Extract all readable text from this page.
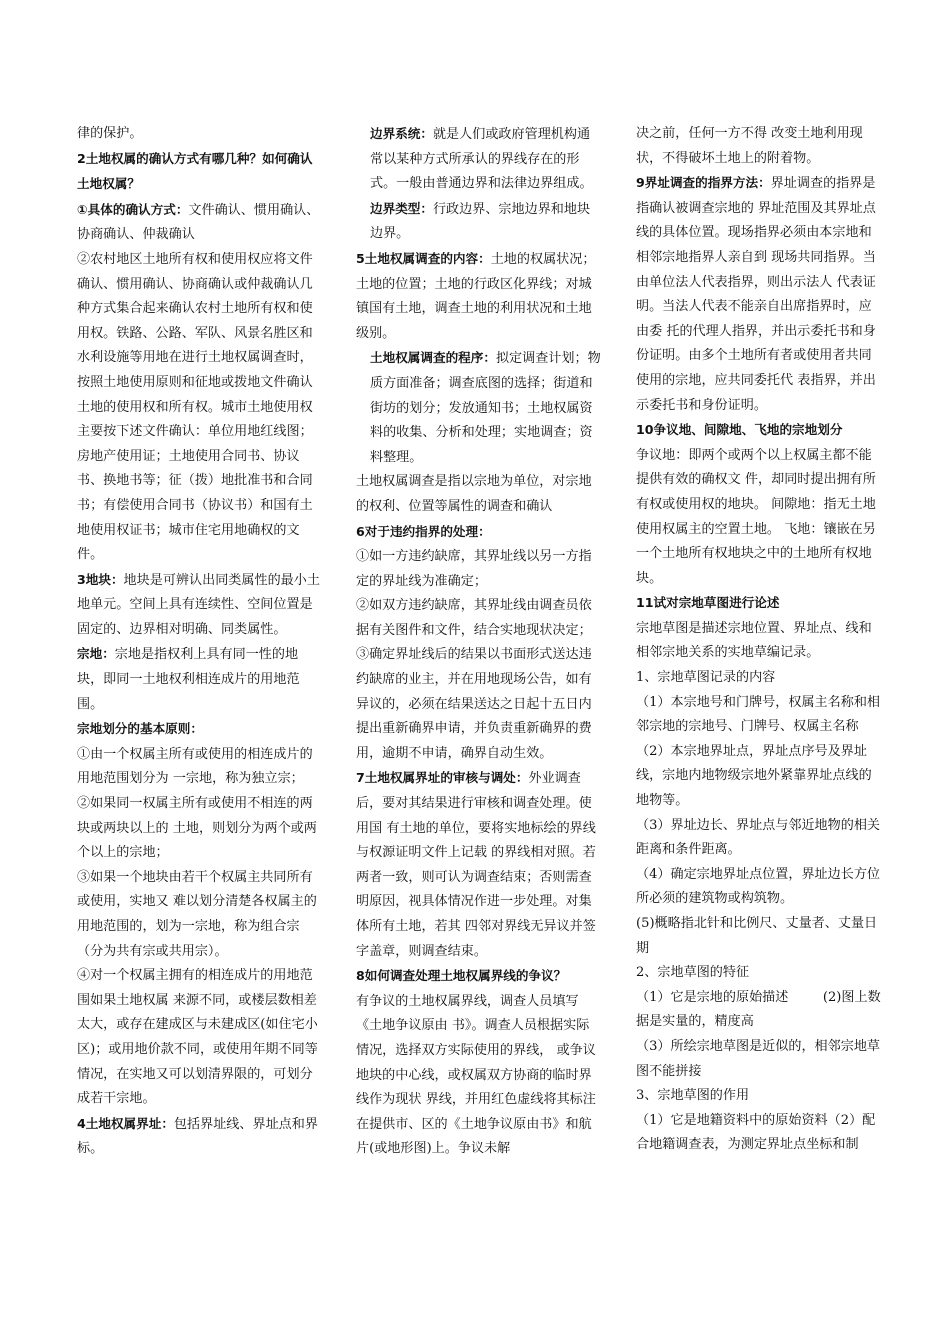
律的保护。

2土地权属的确认方式有哪几种？如何确认土地权属？

①具体的确认方式：文件确认、惯用确认、协商确认、仲裁确认

②农村地区土地所有权和使用权应将文件确认、惯用确认、协商确认或仲裁确认几种方式集合起来确认农村土地所有权和使用权。铁路、公路、军队、风景名胜区和水利设施等用地在进行土地权属调查时，按照土地使用原则和征地或拨地文件确认土地的使用权和所有权。城市土地使用权主要按下述文件确认：单位用地红线图；房地产使用证；土地使用合同书、协议书、换地书等；征（拨）地批准书和合同书；有偿使用合同书（协议书）和国有土地使用权证书；城市住宅用地确权的文件。

3地块：地块是可辨认出同类属性的最小土地单元。空间上具有连续性、空间位置是固定的、边界相对明确、同类属性。

宗地：宗地是指权利上具有同一性的地块，即同一土地权利相连成片的用地范围。

宗地划分的基本原则：

①由一个权属主所有或使用的相连成片的用地范围划分为 一宗地，称为独立宗；

②如果同一权属主所有或使用不相连的两块或两块以上的 土地，则划分为两个或两个以上的宗地；

③如果一个地块由若干个权属主共同所有或使用，实地又 难以划分清楚各权属主的用地范围的，划为一宗地，称为组合宗（分为共有宗或共用宗）。

④对一个权属主拥有的相连成片的用地范围如果土地权属 来源不同，或楼层数相差太大，或存在建成区与未建成区(如住宅小区)；或用地价款不同，或使用年期不同等情况，在实地又可以划清界限的，可划分成若干宗地。

4土地权属界址：包括界址线、界址点和界标。

边界系统：就是人们或政府管理机构通常以某种方式所承认的界线存在的形式。一般由普通边界和法律边界组成。

边界类型：行政边界、宗地边界和地块边界。

5土地权属调查的内容：土地的权属状况；土地的位置；土地的行政区化界线；对城镇国有土地，调查土地的利用状况和土地级别。

土地权属调查的程序：拟定调查计划；物质方面准备；调查底图的选择；街道和街坊的划分；发放通知书；土地权属资料的收集、分析和处理；实地调查；资料整理。

土地权属调查是指以宗地为单位，对宗地的权利、位置等属性的调查和确认

6对于违约指界的处理：

①如一方违约缺席，其界址线以另一方指定的界址线为准确定；

②如双方违约缺席，其界址线由调查员依据有关图件和文件，结合实地现状决定；

③确定界址线后的结果以书面形式送达违约缺席的业主，并在用地现场公告，如有异议的，必须在结果送达之日起十五日内提出重新确界申请，并负责重新确界的费用，逾期不申请，确界自动生效。

7土地权属界址的审核与调处：外业调查后，要对其结果进行审核和调查处理。使用国 有土地的单位，要将实地标绘的界线与权源证明文件上记载 的界线相对照。若两者一致，则可认为调查结束；否则需查 明原因，视具体情况作进一步处理。对集体所有土地，若其 四邻对界线无异议并签字盖章，则调查结束。

8如何调查处理土地权属界线的争议？

有争议的土地权属界线，调查人员填写《土地争议原由 书》。调查人员根据实际情况，选择双方实际使用的界线， 或争议地块的中心线，或权属双方协商的临时界线作为现状 界线，并用红色虚线将其标注在提供市、区的《土地争议原由书》和航片(或地形图)上。争议未解

决之前，任何一方不得 改变土地利用现状，不得破坏土地上的附着物。

9界址调查的指界方法：界址调查的指界是指确认被调查宗地的 界址范围及其界址点线的具体位置。现场指界必须由本宗地和相邻宗地指界人亲自到 现场共同指界。当由单位法人代表指界，则出示法人 代表证明。当法人代表不能亲自出席指界时，应由委 托的代理人指界，并出示委托书和身份证明。由多个土地所有者或使用者共同使用的宗地，应共同委托代 表指界，并出示委托书和身份证明。

10争议地、间隙地、飞地的宗地划分

争议地：即两个或两个以上权属主都不能提供有效的确权文 件，却同时提出拥有所有权或使用权的地块。 间隙地：指无土地使用权属主的空置土地。 飞地：镶嵌在另一个土地所有权地块之中的土地所有权地块。

11试对宗地草图进行论述

宗地草图是描述宗地位置、界址点、线和相邻宗地关系的实地草编记录。

1、宗地草图记录的内容

（1）本宗地号和门牌号，权属主名称和相邻宗地的宗地号、门牌号、权属主名称

（2）本宗地界址点，界址点序号及界址线，宗地内地物级宗地外紧靠界址点线的地物等。

（3）界址边长、界址点与邻近地物的相关距离和条件距离。

（4）确定宗地界址点位置，界址边长方位所必须的建筑物或构筑物。

(5)概略指北针和比例尺、丈量者、丈量日期

2、宗地草图的特征

（1）它是宗地的原始描述 　　 (2)图上数据是实量的，精度高

（3）所绘宗地草图是近似的，相邻宗地草图不能拼接

3、宗地草图的作用

（1）它是地籍资料中的原始资料（2）配合地籍调查表，为测定界址点坐标和制
